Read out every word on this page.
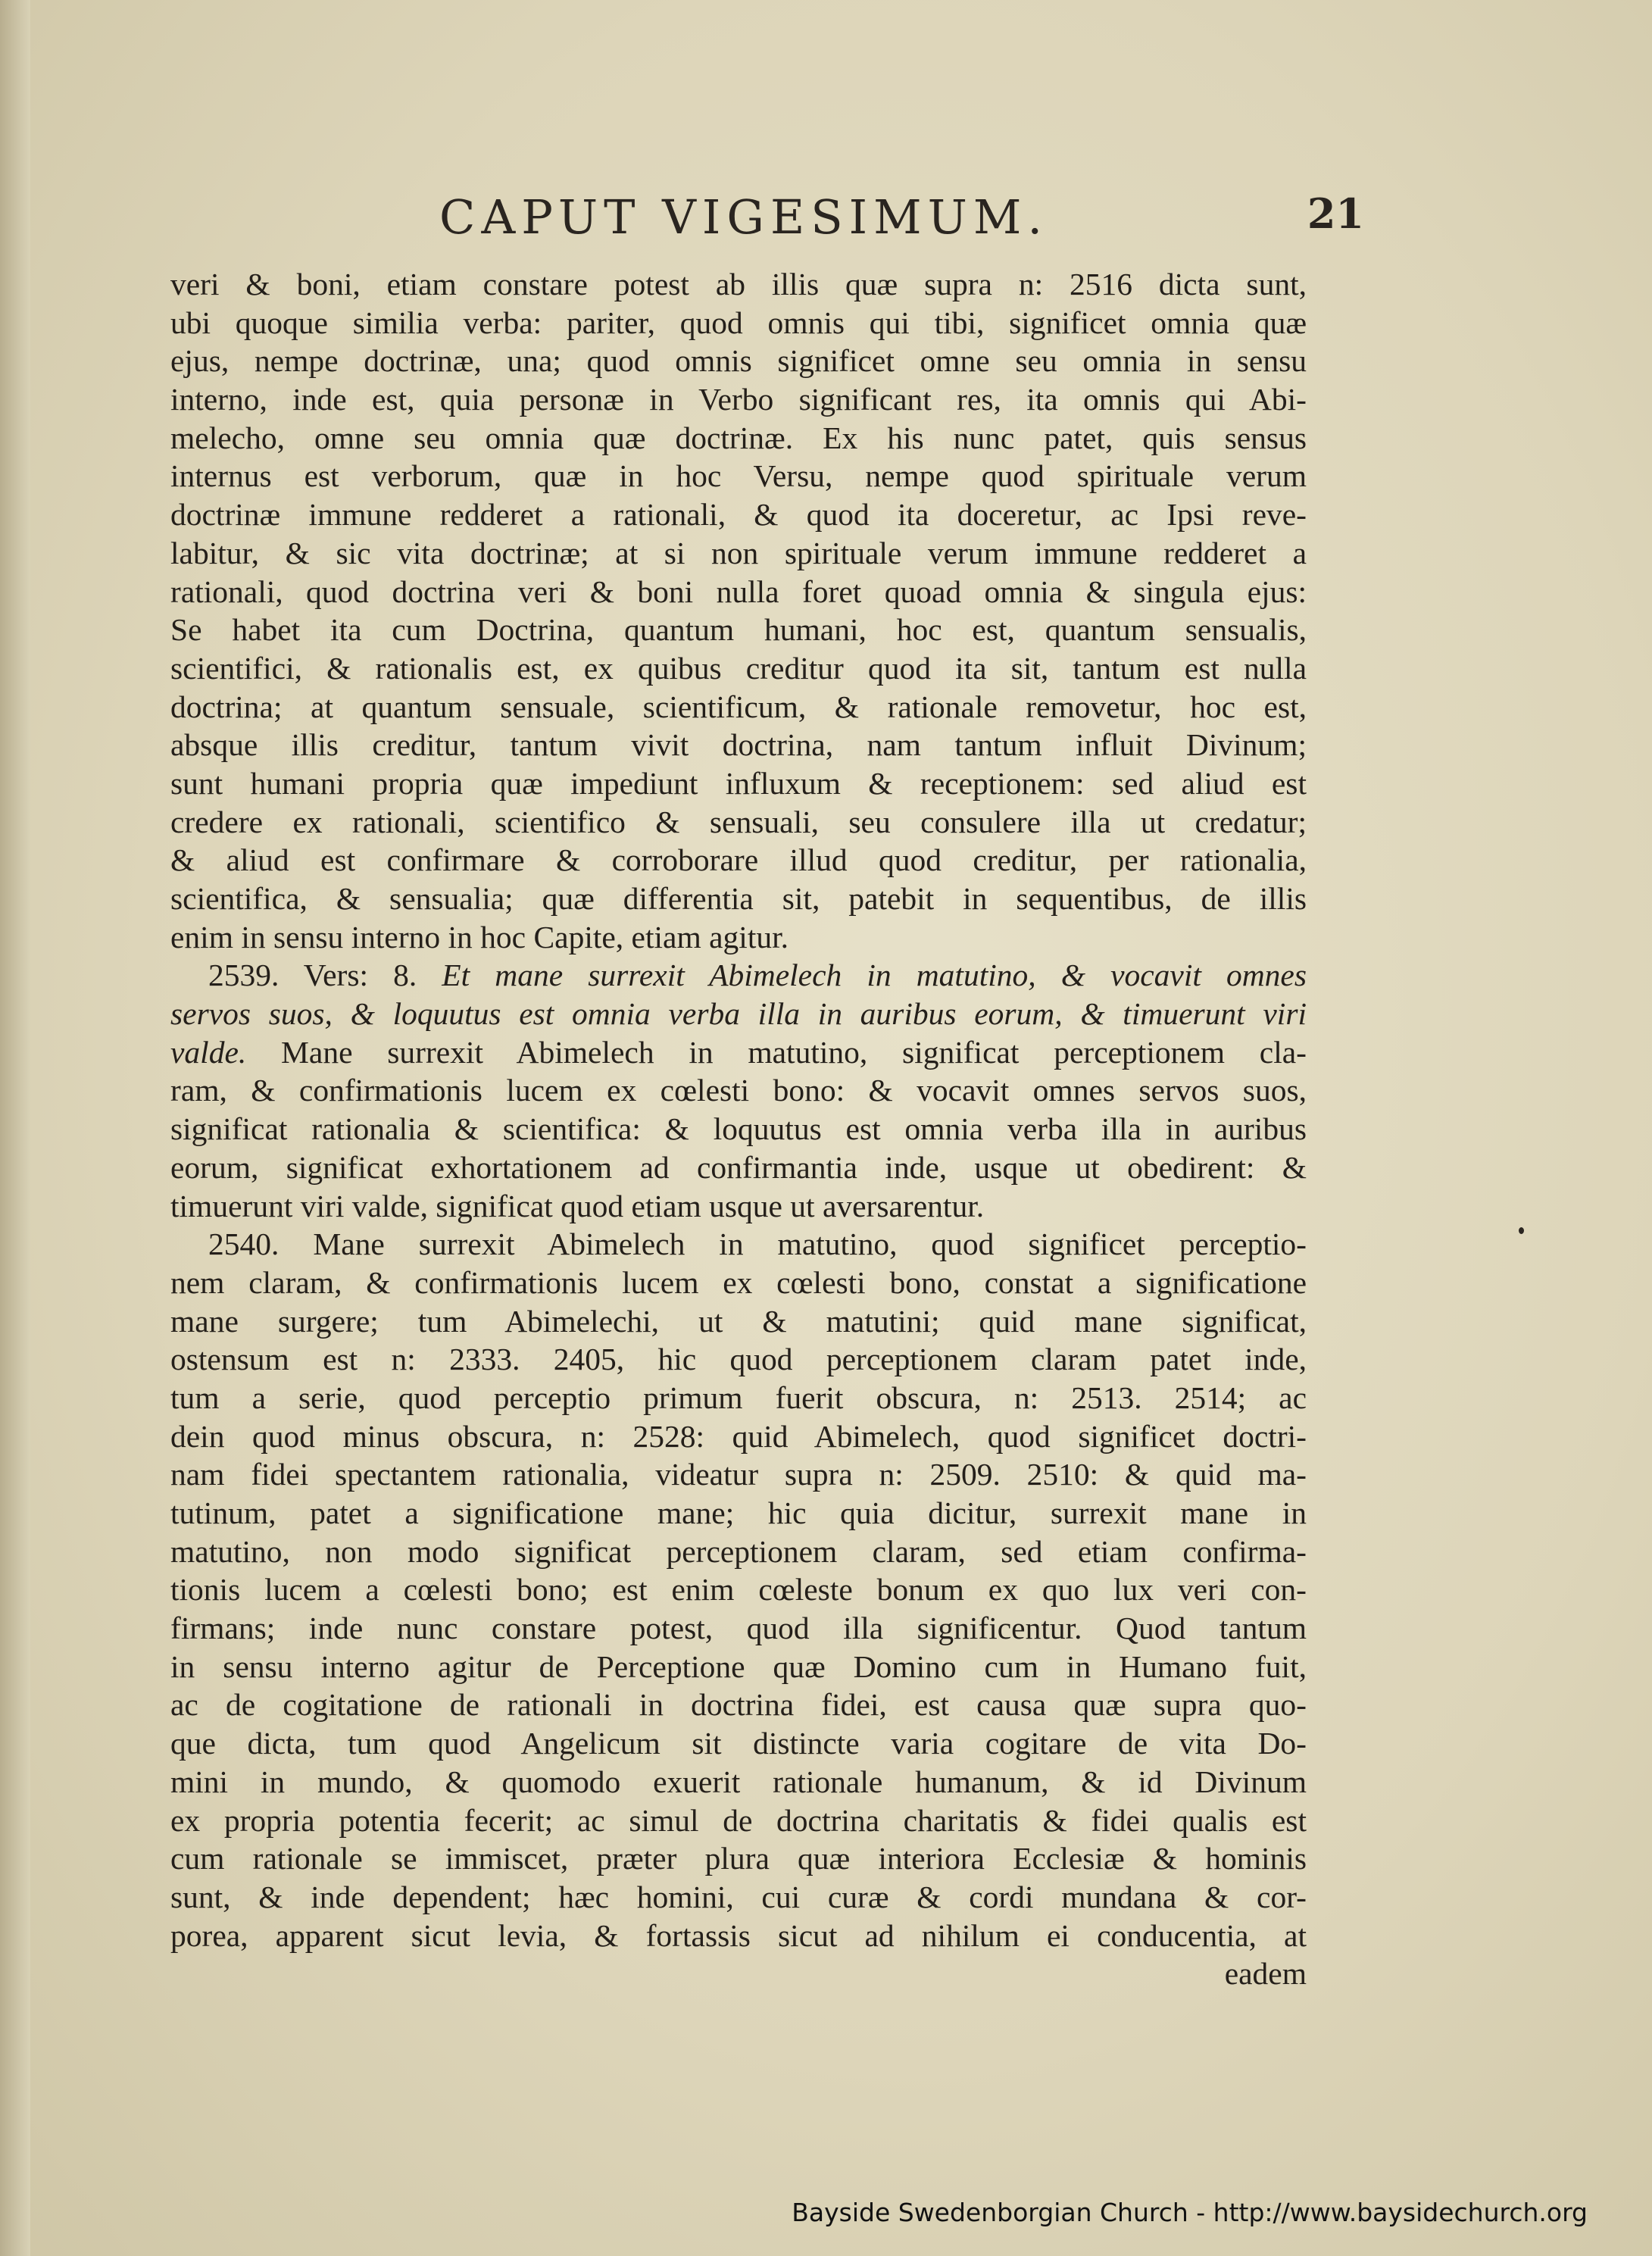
CAPUT VIGESIMUM.	21
veri & boni, etiam constare potest ab illis quæ supra n: 2516 dicta sunt,
ubi quoque similia verba: pariter, quod omnis qui tibi, significet omnia quæ
ejus, nempe doctrinæ, una; quod omnis significet omne seu omnia in sensu
interno, inde est, quia personæ in Verbo significant res, ita omnis qui Abi-
melecho, omne seu omnia quæ doctrinæ. Ex his nunc patet, quis sensus
internus est verborum, quæ in hoc Versu, nempe quod spirituale verum
doctrinæ immune redderet a rationali, & quod ita doceretur, ac Ipsi reve-
labitur, & sic vita doctrinæ; at si non spirituale verum immune redderet a
rationali, quod doctrina veri & boni nulla foret quoad omnia & singula ejus:
Se habet ita cum Doctrina, quantum humani, hoc est, quantum sensualis,
scientifici, & rationalis est, ex quibus creditur quod ita sit, tantum est nulla
doctrina; at quantum sensuale, scientificum, & rationale removetur, hoc est,
absque illis creditur, tantum vivit doctrina, nam tantum influit Divinum;
sunt humani propria quæ impediunt influxum & receptionem: sed aliud est
credere ex rationali, scientifico & sensuali, seu consulere illa ut credatur;
& aliud est confirmare & corroborare illud quod creditur, per rationalia,
scientifica, & sensualia; quæ differentia sit, patebit in sequentibus, de illis
enim in sensu interno in hoc Capite, etiam agitur.
2539. Vers: 8. Et mane surrexit Abimelech in matutino, & vocavit omnes
servos suos, & loquutus est omnia verba illa in auribus eorum, & timuerunt viri
valde. Mane surrexit Abimelech in matutino, significat perceptionem cla-
ram, & confirmationis lucem ex cœlesti bono: & vocavit omnes servos suos,
significat rationalia & scientifica: & loquutus est omnia verba illa in auribus
eorum, significat exhortationem ad confirmantia inde, usque ut obedirent: &
timuerunt viri valde, significat quod etiam usque ut aversarentur.
2540. Mane surrexit Abimelech in matutino, quod significet perceptio-
nem claram, & confirmationis lucem ex cœlesti bono, constat a significatione
mane surgere; tum Abimelechi, ut & matutini; quid mane significat,
ostensum est n: 2333. 2405, hic quod perceptionem claram patet inde,
tum a serie, quod perceptio primum fuerit obscura, n: 2513. 2514; ac
dein quod minus obscura, n: 2528: quid Abimelech, quod significet doctri-
nam fidei spectantem rationalia, videatur supra n: 2509. 2510: & quid ma-
tutinum, patet a significatione mane; hic quia dicitur, surrexit mane in
matutino, non modo significat perceptionem claram, sed etiam confirma-
tionis lucem a cœlesti bono; est enim cœleste bonum ex quo lux veri con-
firmans; inde nunc constare potest, quod illa significentur. Quod tantum
in sensu interno agitur de Perceptione quæ Domino cum in Humano fuit,
ac de cogitatione de rationali in doctrina fidei, est causa quæ supra quo-
que dicta, tum quod Angelicum sit distincte varia cogitare de vita Do-
mini in mundo, & quomodo exuerit rationale humanum, & id Divinum
ex propria potentia fecerit; ac simul de doctrina charitatis & fidei qualis est
cum rationale se immiscet, præter plura quæ interiora Ecclesiæ & hominis
sunt, & inde dependent; hæc homini, cui curæ & cordi mundana & cor-
porea, apparent sicut levia, & fortassis sicut ad nihilum ei conducentia, at
eadem
Bayside Swedenborgian Church - http://www.baysidechurch.org
